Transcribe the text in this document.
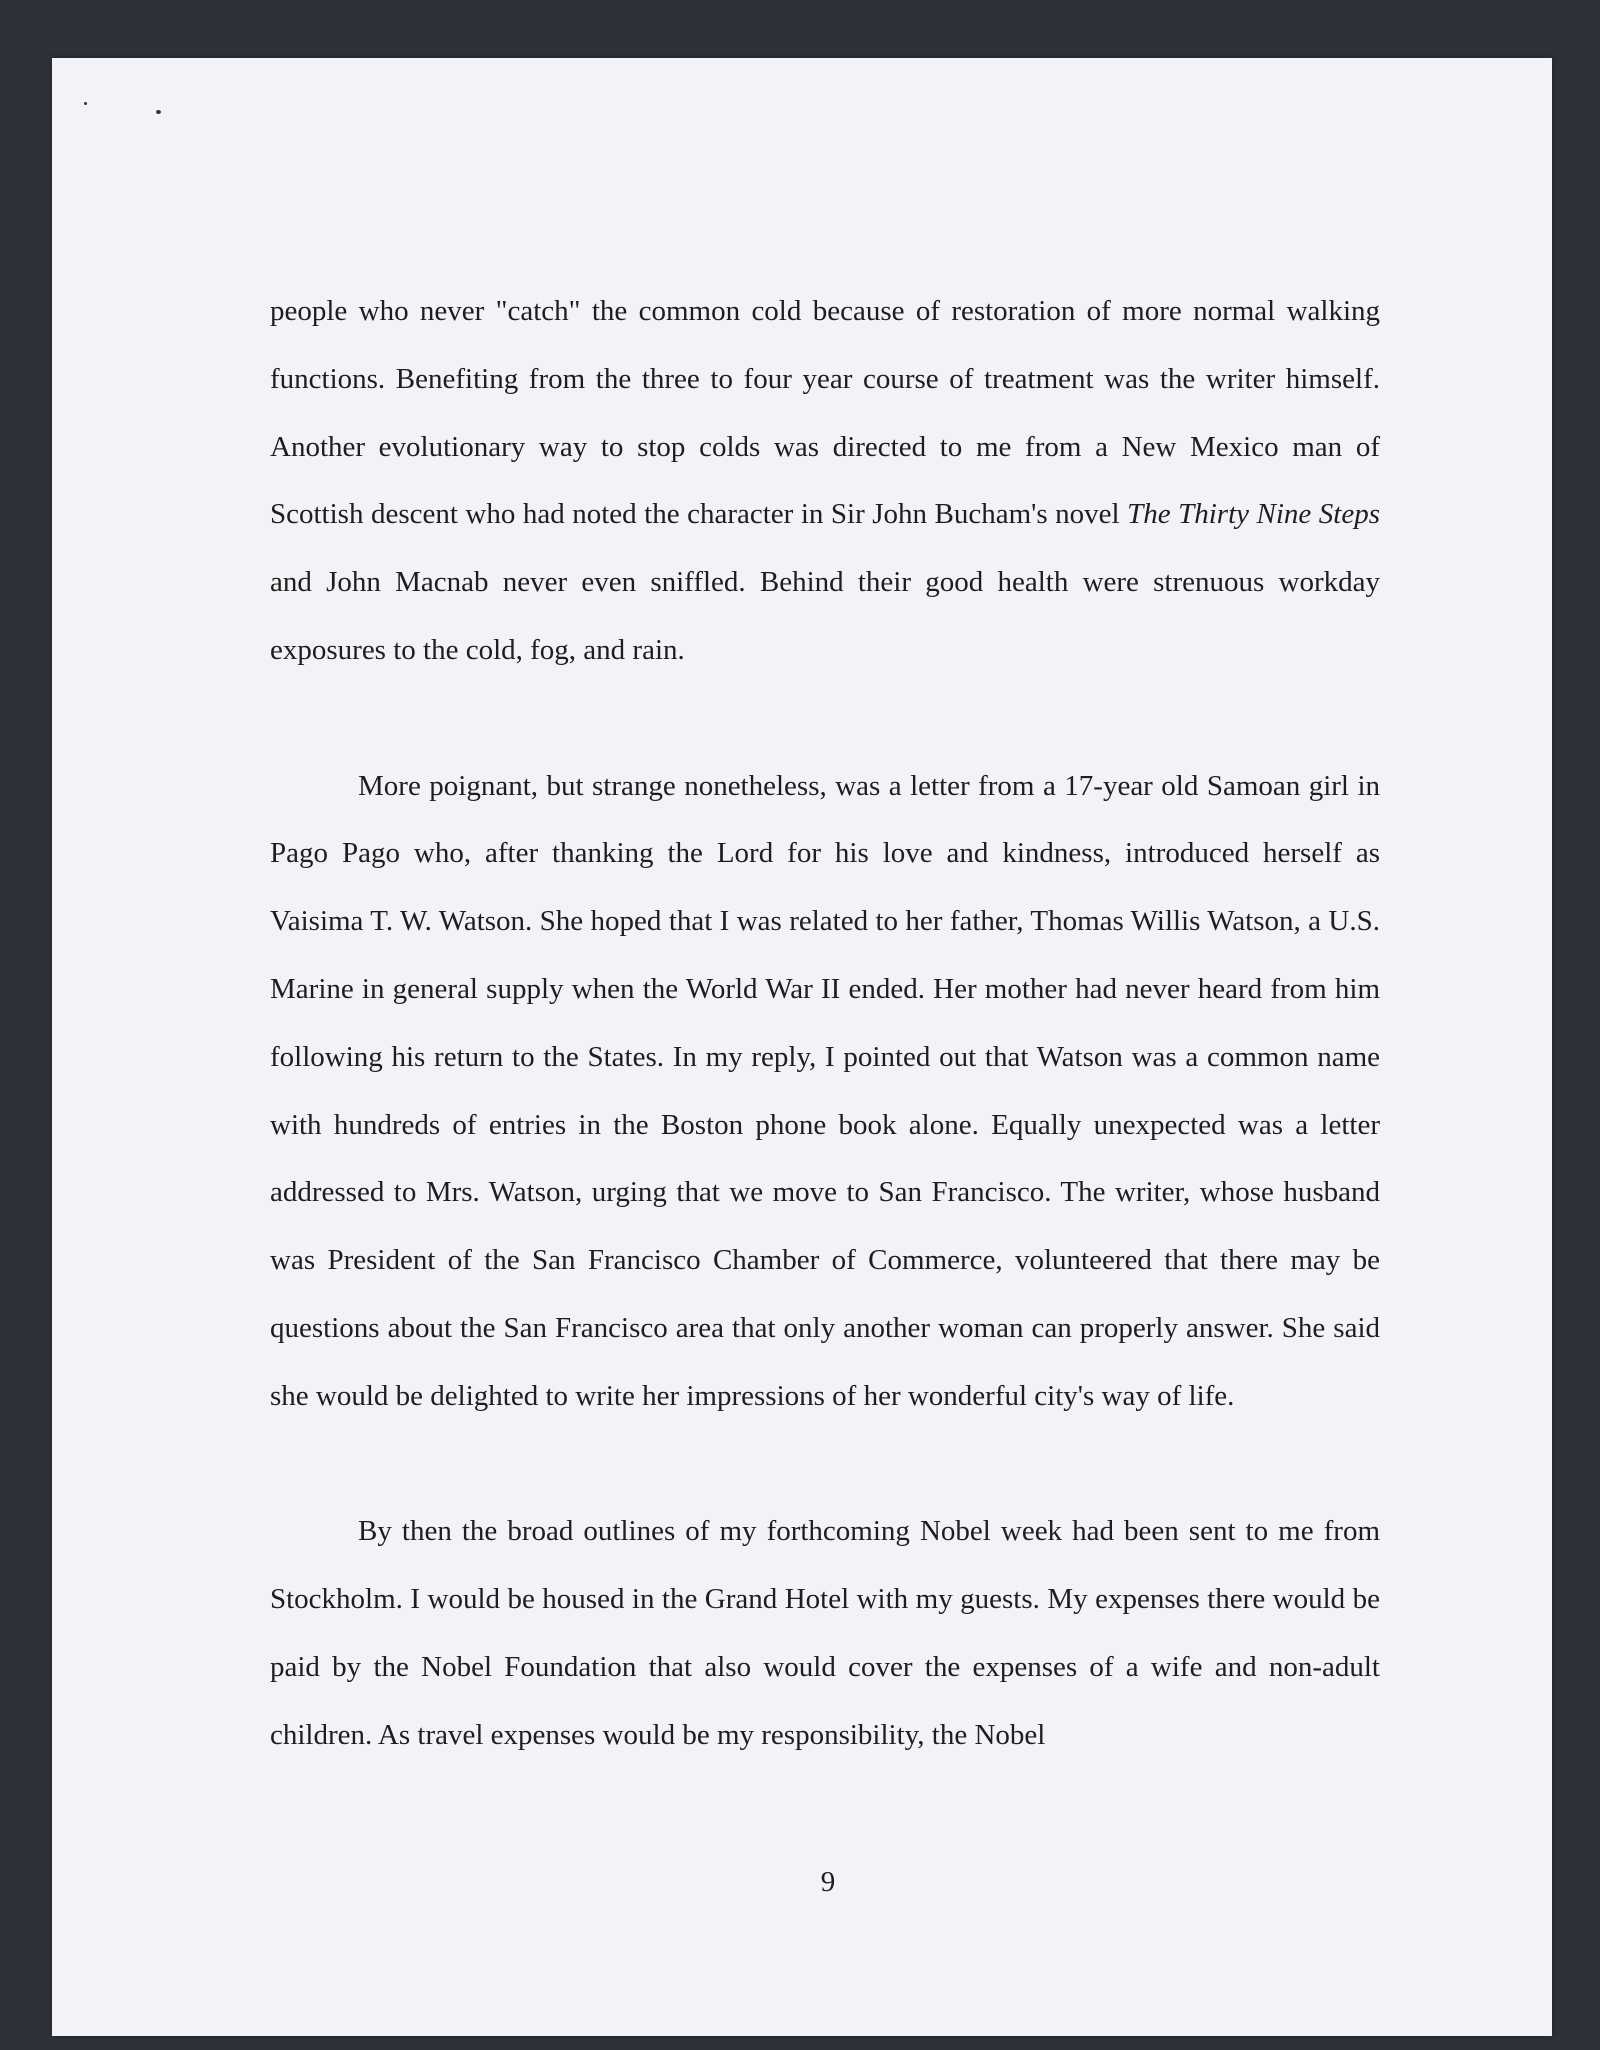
people who never "catch" the common cold because of restoration of more normal walking functions. Benefiting from the three to four year course of treatment was the writer himself. Another evolutionary way to stop colds was directed to me from a New Mexico man of Scottish descent who had noted the character in Sir John Bucham's novel The Thirty Nine Steps and John Macnab never even sniffled. Behind their good health were strenuous workday exposures to the cold, fog, and rain.

More poignant, but strange nonetheless, was a letter from a 17-year old Samoan girl in Pago Pago who, after thanking the Lord for his love and kindness, introduced herself as Vaisima T. W. Watson. She hoped that I was related to her father, Thomas Willis Watson, a U.S. Marine in general supply when the World War II ended. Her mother had never heard from him following his return to the States. In my reply, I pointed out that Watson was a common name with hundreds of entries in the Boston phone book alone. Equally unexpected was a letter addressed to Mrs. Watson, urging that we move to San Francisco. The writer, whose husband was President of the San Francisco Chamber of Commerce, volunteered that there may be questions about the San Francisco area that only another woman can properly answer. She said she would be delighted to write her impressions of her wonderful city's way of life.

By then the broad outlines of my forthcoming Nobel week had been sent to me from Stockholm. I would be housed in the Grand Hotel with my guests. My expenses there would be paid by the Nobel Foundation that also would cover the expenses of a wife and non-adult children. As travel expenses would be my responsibility, the Nobel

9
